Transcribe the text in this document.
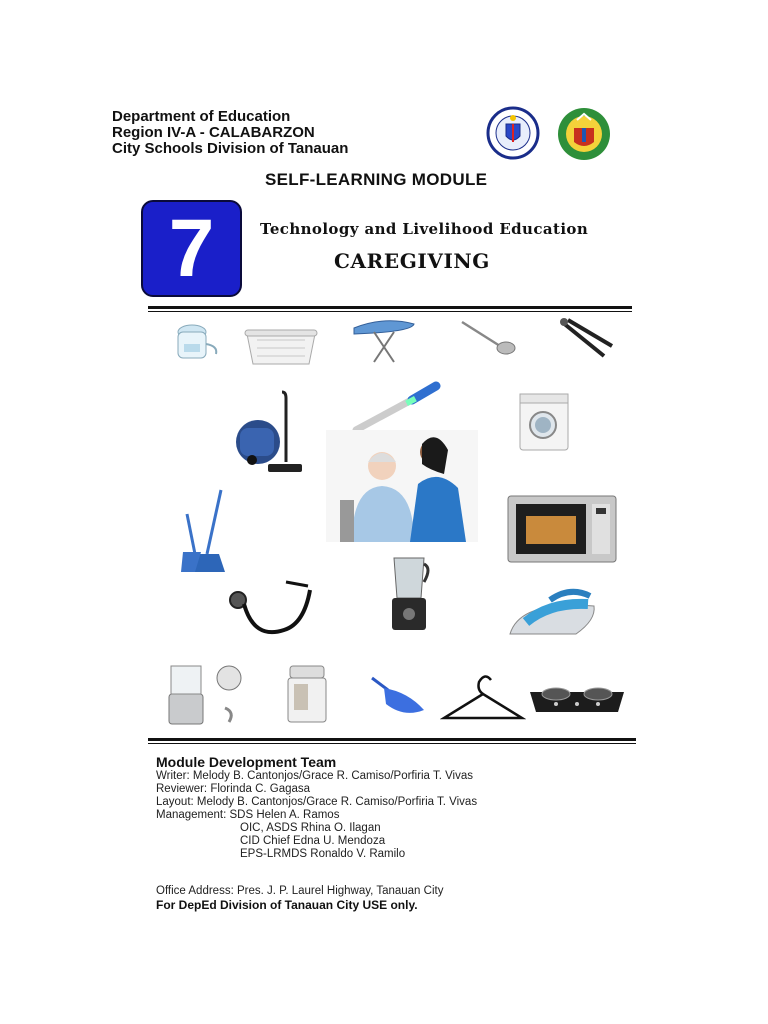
Department of Education
Region IV-A - CALABARZON
City Schools Division of Tanauan
SELF-LEARNING MODULE
7	Technology and Livelihood Education
CAREGIVING
Module Development Team
Writer: Melody B. Cantonjos/Grace R. Camiso/Porfiria T. Vivas
Reviewer: Florinda C. Gagasa
Layout: Melody B. Cantonjos/Grace R. Camiso/Porfiria T. Vivas
Management: SDS Helen A. Ramos
OIC, ASDS Rhina O. Ilagan
CID Chief Edna U. Mendoza
EPS-LRMDS Ronaldo V. Ramilo
Office Address: Pres. J. P. Laurel Highway, Tanauan City
For DepEd Division of Tanauan City USE only.
